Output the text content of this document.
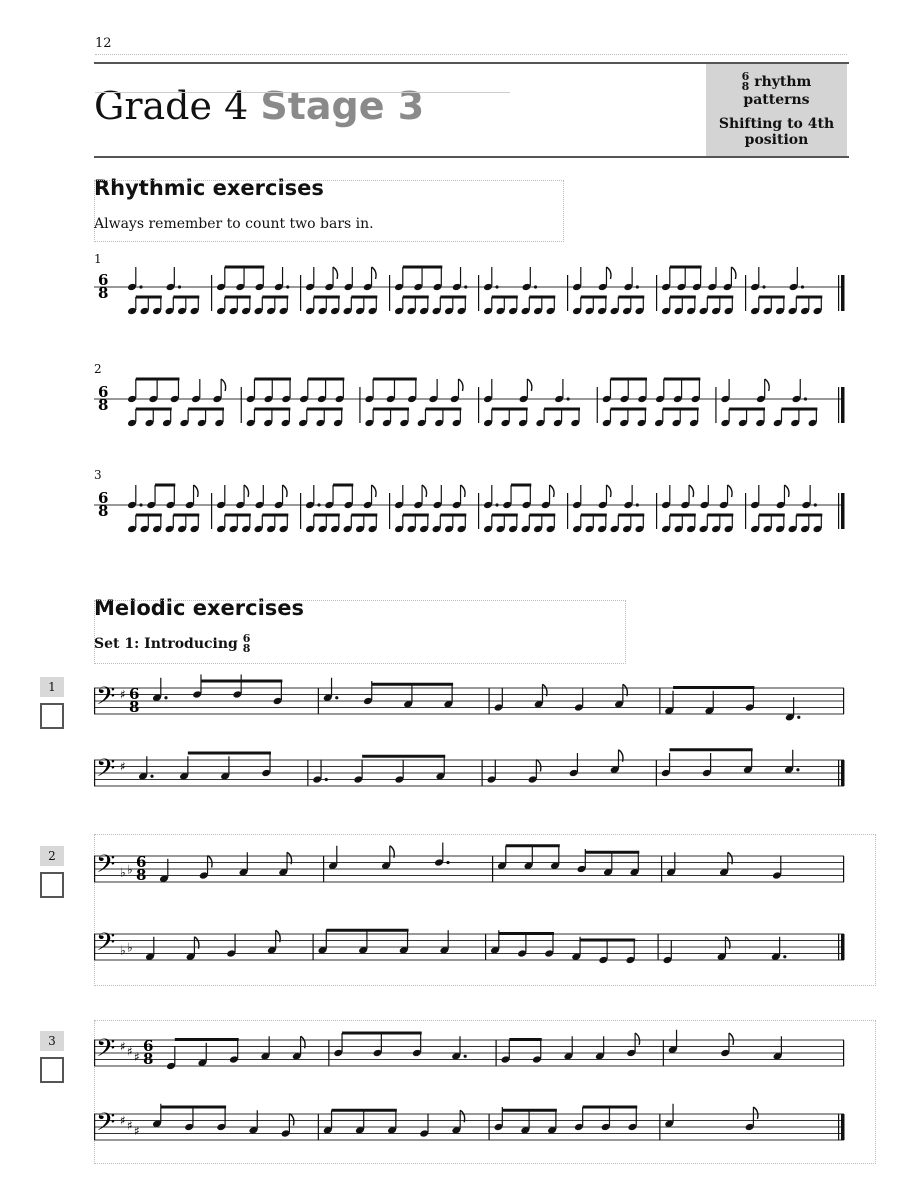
12
Grade 4 Stage 3
6
8 rhythm
patterns
Shifting to 4th
position
Rhythmic exercises
Always remember to count two bars in.
1
2
3
6
8
6
8
6
8
Melodic exercises
Set 1: Introducing 6
8
1
2
3
𝄢 ♯ 6
8
𝄢 ♯
𝄢 ♭ ♭ 6
8
𝄢 ♭ ♭
𝄢 ♯ ♯ ♯
6
8
𝄢 ♯ ♯ ♯
